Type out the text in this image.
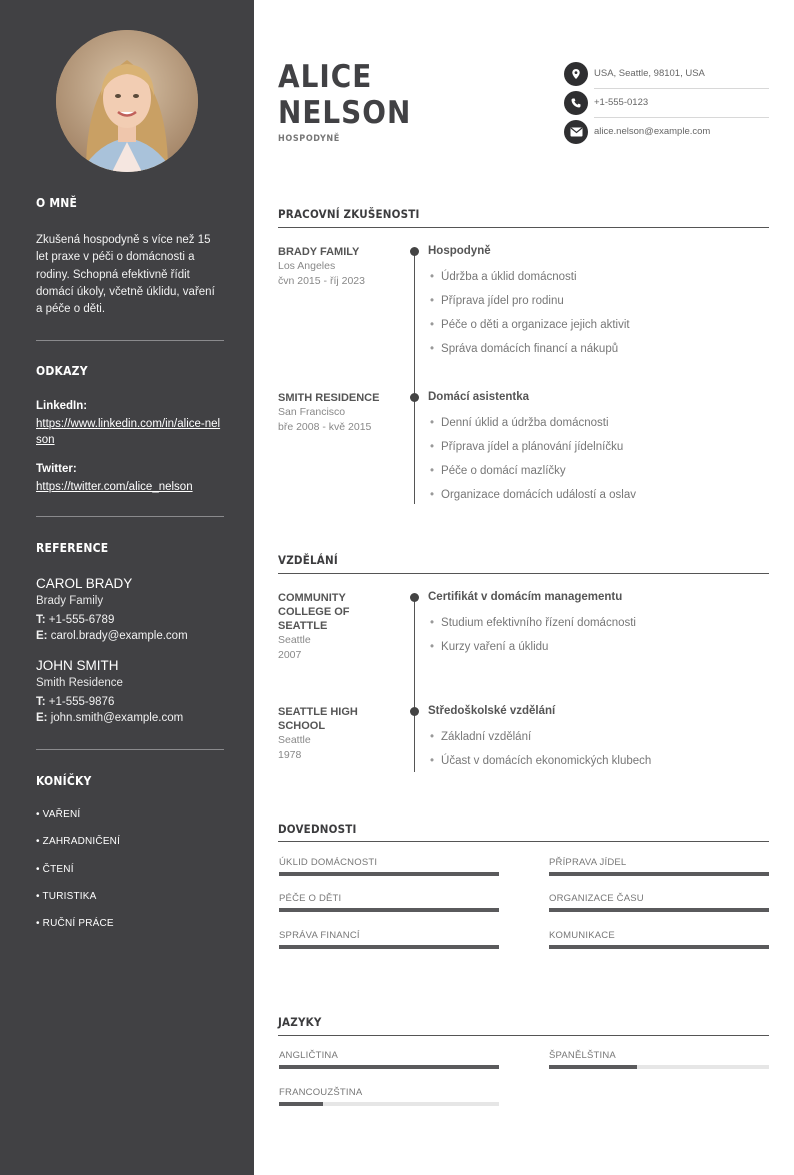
O MNĚ
Zkušená hospodyně s více než 15 let praxe v péči o domácnosti a rodiny. Schopná efektivně řídit domácí úkoly, včetně úklidu, vaření a péče o děti.
ODKAZY
LinkedIn:
https://www.linkedin.com/in/alice-nelson
Twitter:
https://twitter.com/alice_nelson
REFERENCE
CAROL BRADY
Brady Family
T: +1-555-6789
E: carol.brady@example.com
JOHN SMITH
Smith Residence
T: +1-555-9876
E: john.smith@example.com
KONÍČKY
• VAŘENÍ
• ZAHRADNIČENÍ
• ČTENÍ
• TURISTIKA
• RUČNÍ PRÁCE
ALICE
NELSON
HOSPODYNĚ
USA, Seattle, 98101, USA
+1-555-0123
alice.nelson@example.com
PRACOVNÍ ZKUŠENOSTI
BRADY FAMILY
Los Angeles
čvn 2015 - říj 2023
Hospodyně
• Údržba a úklid domácnosti
• Příprava jídel pro rodinu
• Péče o děti a organizace jejich aktivit
• Správa domácích financí a nákupů
SMITH RESIDENCE
San Francisco
bře 2008 - kvě 2015
Domácí asistentka
• Denní úklid a údržba domácnosti
• Příprava jídel a plánování jídelníčku
• Péče o domácí mazlíčky
• Organizace domácích událostí a oslav
VZDĚLÁNÍ
COMMUNITY
COLLEGE OF
SEATTLE
Seattle
2007
Certifikát v domácím managementu
• Studium efektivního řízení domácnosti
• Kurzy vaření a úklidu
SEATTLE HIGH
SCHOOL
Seattle
1978
Středoškolské vzdělání
• Základní vzdělání
• Účast v domácích ekonomických klubech
DOVEDNOSTI
ÚKLID DOMÁCNOSTI	PŘÍPRAVA JÍDEL
PÉČE O DĚTI	ORGANIZACE ČASU
SPRÁVA FINANCÍ	KOMUNIKACE
JAZYKY
ANGLIČTINA	ŠPANĚLŠTINA
FRANCOUZŠTINA
